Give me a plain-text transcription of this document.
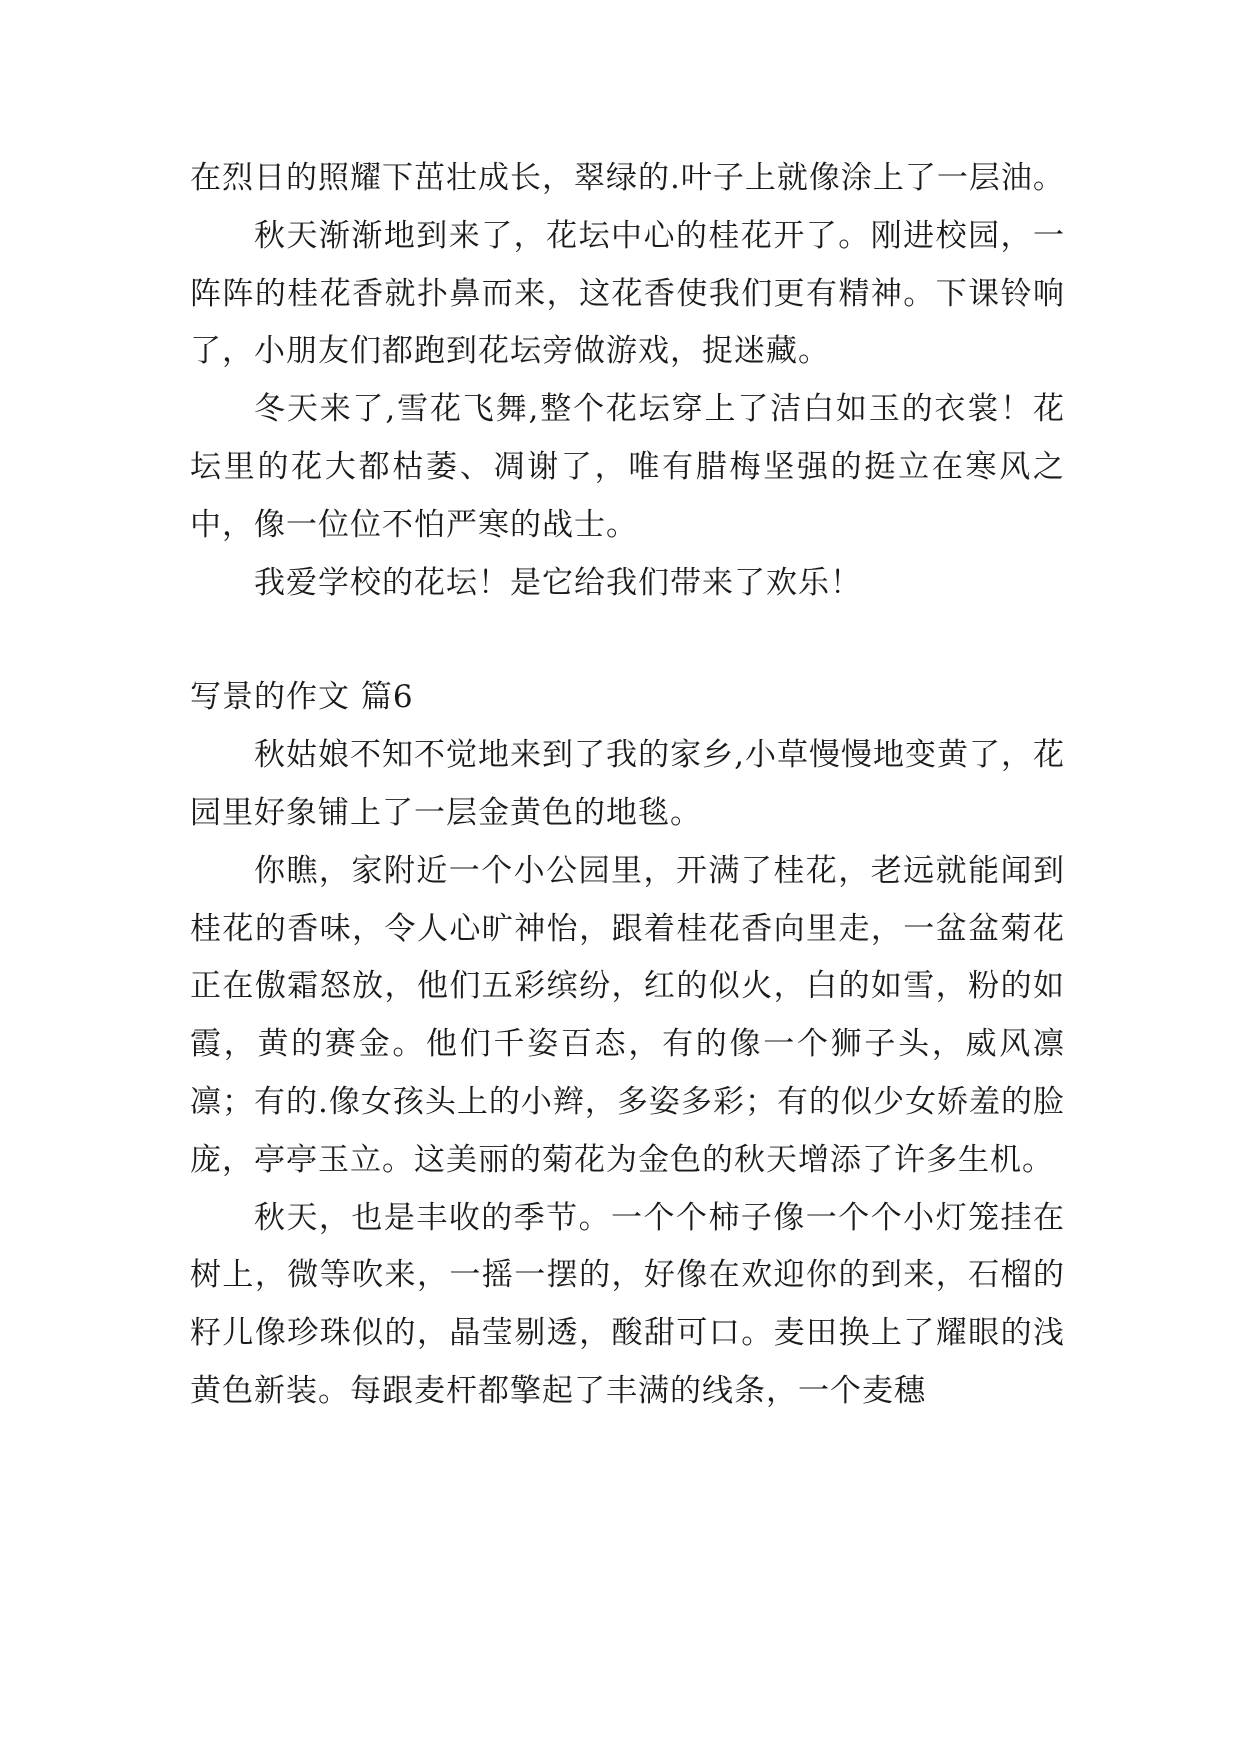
在烈日的照耀下茁壮成长，翠绿的.叶子上就像涂上了一层油。

秋天渐渐地到来了，花坛中心的桂花开了。刚进校园，一阵阵的桂花香就扑鼻而来，这花香使我们更有精神。下课铃响了，小朋友们都跑到花坛旁做游戏，捉迷藏。

冬天来了,雪花飞舞,整个花坛穿上了洁白如玉的衣裳！花坛里的花大都枯萎、凋谢了，唯有腊梅坚强的挺立在寒风之中，像一位位不怕严寒的战士。

我爱学校的花坛！是它给我们带来了欢乐！

写景的作文 篇6

秋姑娘不知不觉地来到了我的家乡,小草慢慢地变黄了，花园里好象铺上了一层金黄色的地毯。

你瞧，家附近一个小公园里，开满了桂花，老远就能闻到桂花的香味，令人心旷神怡，跟着桂花香向里走，一盆盆菊花正在傲霜怒放，他们五彩缤纷，红的似火，白的如雪，粉的如霞，黄的赛金。他们千姿百态，有的像一个狮子头，威风凛凛；有的.像女孩头上的小辫，多姿多彩；有的似少女娇羞的脸庞，亭亭玉立。这美丽的菊花为金色的秋天增添了许多生机。

秋天，也是丰收的季节。一个个柿子像一个个小灯笼挂在树上，微等吹来，一摇一摆的，好像在欢迎你的到来，石榴的籽儿像珍珠似的，晶莹剔透，酸甜可口。麦田换上了耀眼的浅黄色新装。每跟麦杆都擎起了丰满的线条，一个麦穗
